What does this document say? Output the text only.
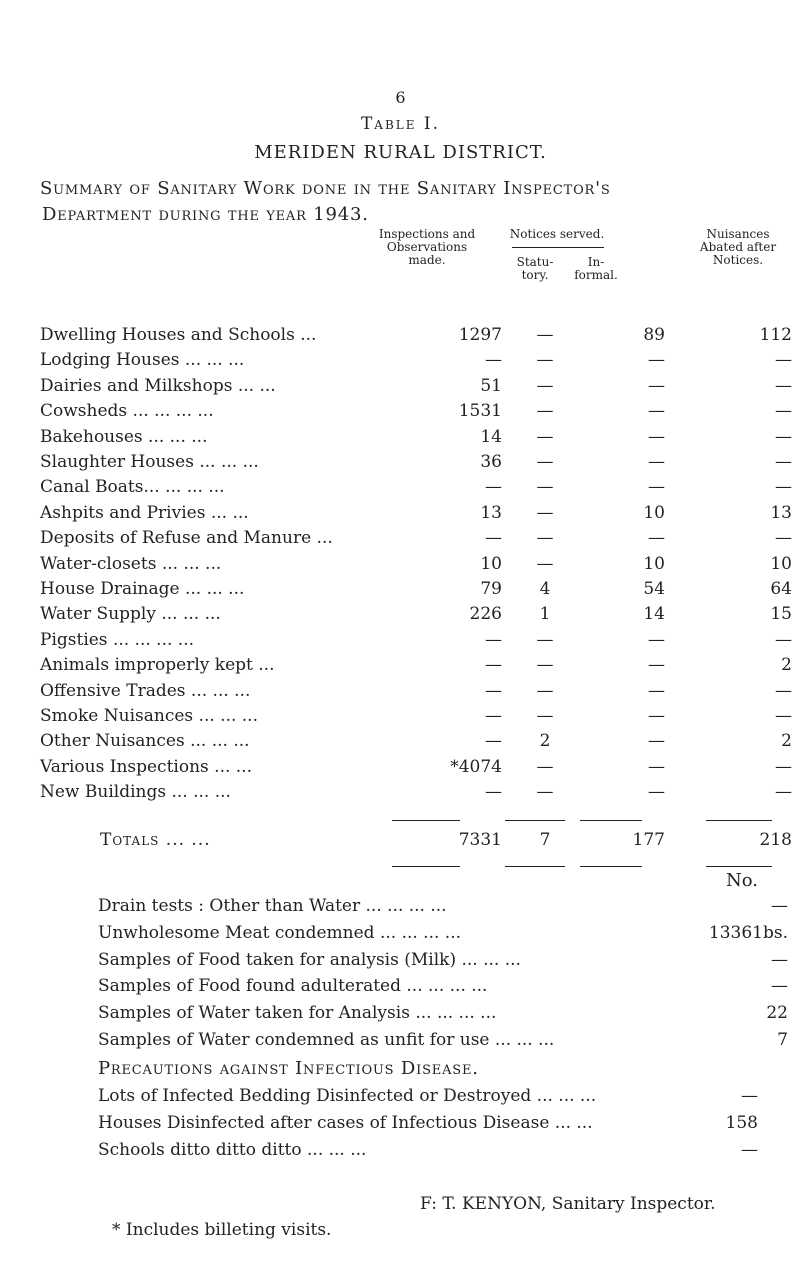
6
Table I.
MERIDEN RURAL DISTRICT.
Summary of Sanitary Work done in the Sanitary Inspector's
Department during the year 1943.
Inspections and Observations made.
Notices served.
Statu- tory.
In- formal.
Nuisances Abated after Notices.
Dwelling Houses and Schools ...	1297	—	89	112
Lodging Houses ... ... ...	—	—	—	—
Dairies and Milkshops ... ...	51	—	—	—
Cowsheds ... ... ... ...	1531	—	—	—
Bakehouses ... ... ...	14	—	—	—
Slaughter Houses ... ... ...	36	—	—	—
Canal Boats... ... ... ...	—	—	—	—
Ashpits and Privies ... ...	13	—	10	13
Deposits of Refuse and Manure ...	—	—	—	—
Water-closets ... ... ...	10	—	10	10
House Drainage ... ... ...	79	4	54	64
Water Supply ... ... ...	226	1	14	15
Pigsties ... ... ... ...	—	—	—	—
Animals improperly kept ...	—	—	—	2
Offensive Trades ... ... ...	—	—	—	—
Smoke Nuisances ... ... ...	—	—	—	—
Other Nuisances ... ... ...	—	2	—	2
Various Inspections ... ...	*4074	—	—	—
New Buildings ... ... ...	—	—	—	—
Totals ... ...	7331	7	177	218
No.
Drain tests : Other than Water ... ... ... ...	—
Unwholesome Meat condemned ... ... ... ...	13361bs.
Samples of Food taken for analysis (Milk) ... ... ...	—
Samples of Food found adulterated ... ... ... ...	—
Samples of Water taken for Analysis ... ... ... ...	22
Samples of Water condemned as unfit for use ... ... ...	7
Precautions against Infectious Disease.
Lots of Infected Bedding Disinfected or Destroyed ... ... ...	—
Houses Disinfected after cases of Infectious Disease ... ...	158
Schools ditto ditto ditto ... ... ...	—
F: T. KENYON, Sanitary Inspector.
* Includes billeting visits.
